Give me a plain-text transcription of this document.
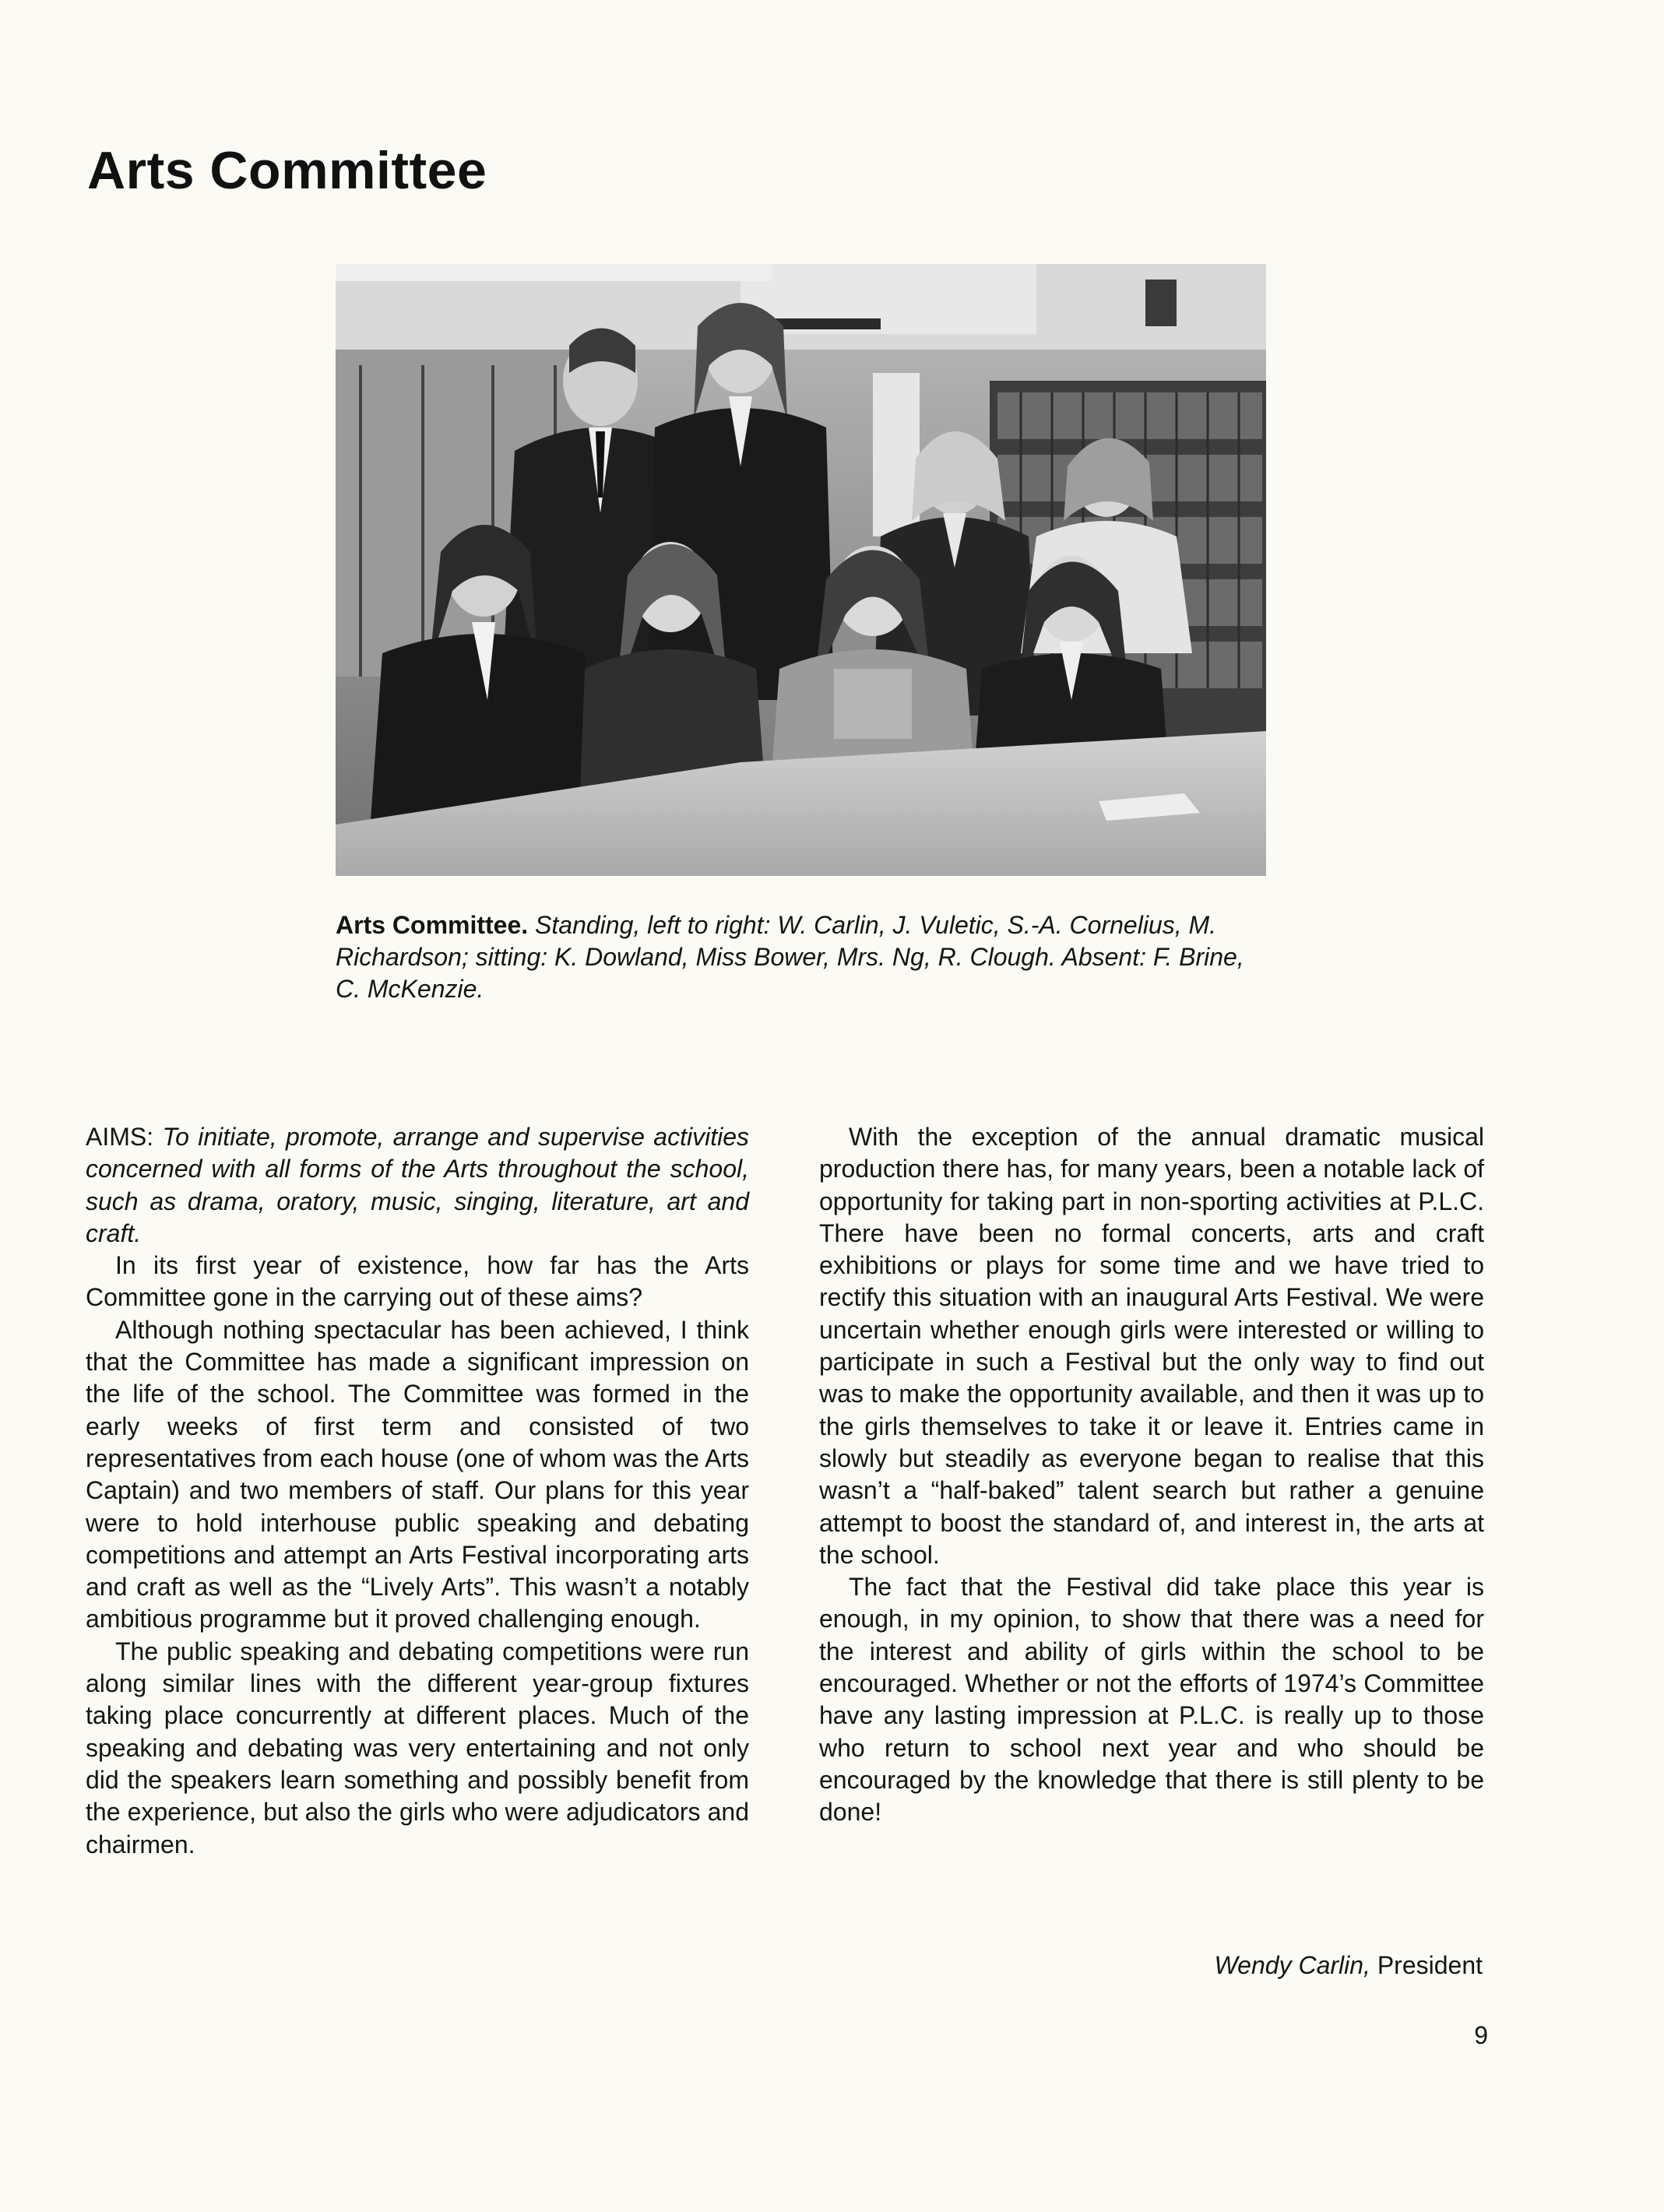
Arts Committee

Arts Committee. Standing, left to right: W. Carlin, J. Vuletic, S.-A. Cornelius, M. Richardson; sitting: K. Dowland, Miss Bower, Mrs. Ng, R. Clough. Absent: F. Brine, C. McKenzie.

AIMS: To initiate, promote, arrange and supervise activities concerned with all forms of the Arts throughout the school, such as drama, oratory, music, singing, literature, art and craft.

In its first year of existence, how far has the Arts Committee gone in the carrying out of these aims?

Although nothing spectacular has been achieved, I think that the Committee has made a significant impression on the life of the school. The Committee was formed in the early weeks of first term and consisted of two representatives from each house (one of whom was the Arts Captain) and two members of staff. Our plans for this year were to hold interhouse public speaking and debating competitions and attempt an Arts Festival incorporating arts and craft as well as the “Lively Arts”. This wasn’t a notably ambitious programme but it proved challenging enough.

The public speaking and debating competitions were run along similar lines with the different year-group fixtures taking place concurrently at different places. Much of the speaking and debating was very entertaining and not only did the speakers learn something and possibly benefit from the experience, but also the girls who were adjudicators and chairmen.

With the exception of the annual dramatic musical production there has, for many years, been a notable lack of opportunity for taking part in non-sporting activities at P.L.C. There have been no formal concerts, arts and craft exhibitions or plays for some time and we have tried to rectify this situation with an inaugural Arts Festival. We were uncertain whether enough girls were interested or willing to participate in such a Festival but the only way to find out was to make the opportunity available, and then it was up to the girls themselves to take it or leave it. Entries came in slowly but steadily as everyone began to realise that this wasn’t a “half-baked” talent search but rather a genuine attempt to boost the standard of, and interest in, the arts at the school.

The fact that the Festival did take place this year is enough, in my opinion, to show that there was a need for the interest and ability of girls within the school to be encouraged. Whether or not the efforts of 1974’s Committee have any lasting impression at P.L.C. is really up to those who return to school next year and who should be encouraged by the knowledge that there is still plenty to be done!

Wendy Carlin, President

9
